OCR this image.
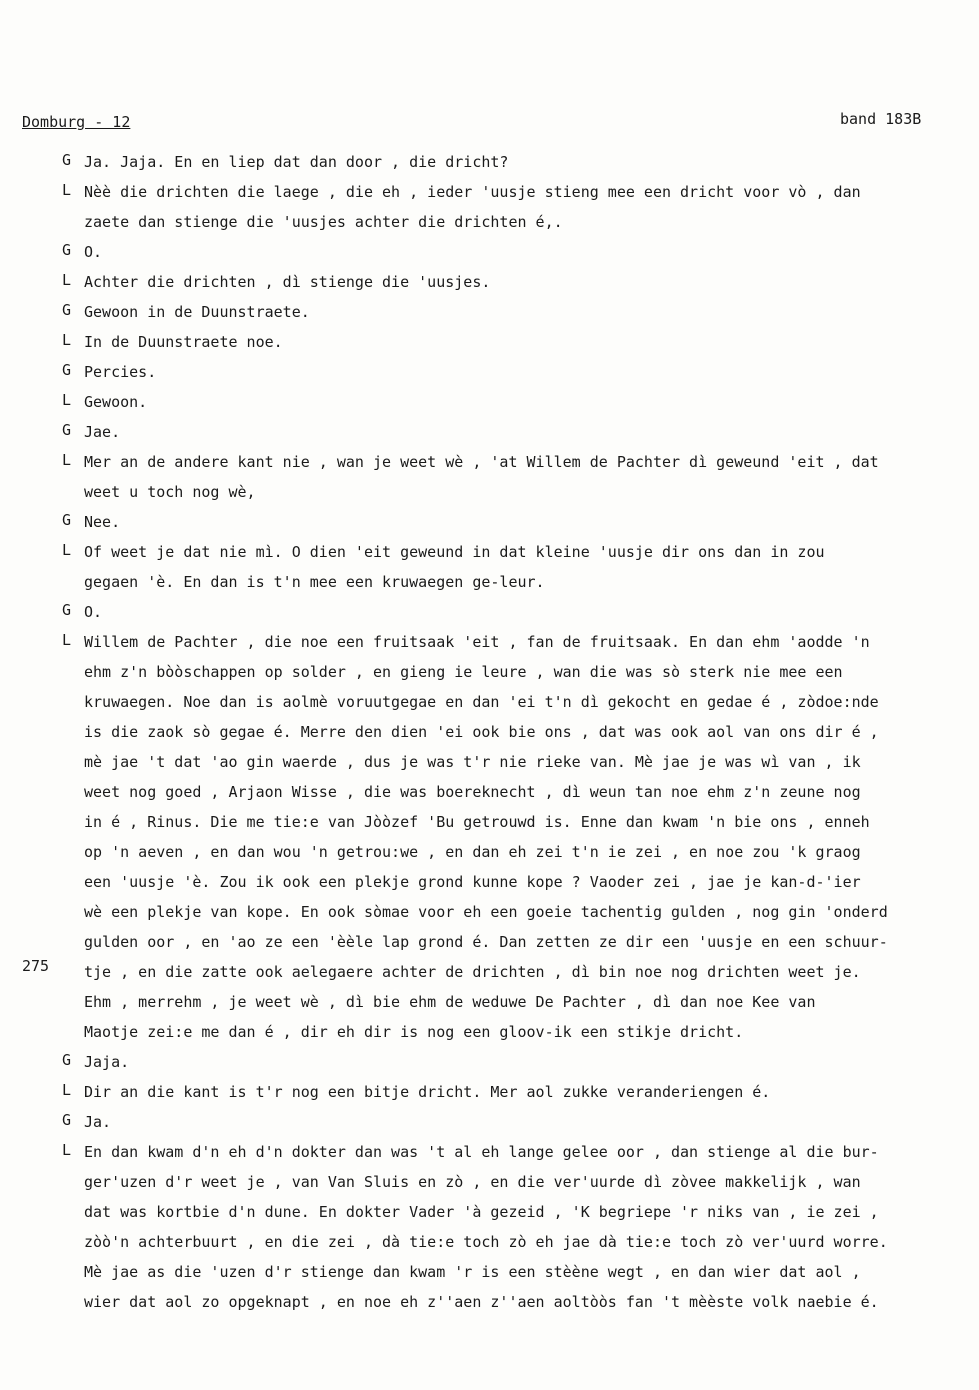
Domburg - 12	band 183B
275
G Ja. Jaja. En en liep dat dan door , die dricht?
L Nèè die drichten die laege , die eh , ieder 'uusje stieng mee een dricht voor vò , dan
zaete dan stienge die 'uusjes achter die drichten é,.
G O.
L Achter die drichten , dì stienge die 'uusjes.
G Gewoon in de Duunstraete.
L In de Duunstraete noe.
G Percies.
L Gewoon.
G Jae.
L Mer an de andere kant nie , wan je weet wè , 'at Willem de Pachter dì geweund 'eit , dat
weet u toch nog wè,
G Nee.
L Of weet je dat nie mì. O dien 'eit geweund in dat kleine 'uusje dir ons dan in zou
gegaen 'è. En dan is t'n mee een kruwaegen ge-leur.
G O.
L Willem de Pachter , die noe een fruitsaak 'eit , fan de fruitsaak. En dan ehm 'aodde 'n
ehm z'n bòòschappen op solder , en gieng ie leure , wan die was sò sterk nie mee een
kruwaegen. Noe dan is aolmè voruutgegae en dan 'ei t'n dì gekocht en gedae é , zòdoe:nde
is die zaok sò gegae é. Merre den dien 'ei ook bie ons , dat was ook aol van ons dir é ,
mè jae 't dat 'ao gin waerde , dus je was t'r nie rieke van. Mè jae je was wì van , ik
weet nog goed , Arjaon Wisse , die was boereknecht , dì weun tan noe ehm z'n zeune nog
in é , Rinus. Die me tie:e van Jòòzef 'Bu getrouwd is. Enne dan kwam 'n bie ons , enneh
op 'n aeven , en dan wou 'n getrou:we , en dan eh zei t'n ie zei , en noe zou 'k graog
een 'uusje 'è. Zou ik ook een plekje grond kunne kope ? Vaoder zei , jae je kan-d-'ier
wè een plekje van kope. En ook sòmae voor eh een goeie tachentig gulden , nog gin 'onderd
gulden oor , en 'ao ze een 'èèle lap grond é. Dan zetten ze dir een 'uusje en een schuur-
tje , en die zatte ook aelegaere achter de drichten , dì bin noe nog drichten weet je.
Ehm , merrehm , je weet wè , dì bie ehm de weduwe De Pachter , dì dan noe Kee van
Maotje zei:e me dan é , dir eh dir is nog een gloov-ik een stikje dricht.
G Jaja.
L Dir an die kant is t'r nog een bitje dricht. Mer aol zukke veranderiengen é.
G Ja.
L En dan kwam d'n eh d'n dokter dan was 't al eh lange gelee oor , dan stienge al die bur-
ger'uzen d'r weet je , van Van Sluis en zò , en die ver'uurde dì zòvee makkelijk , wan
dat was kortbie d'n dune. En dokter Vader 'à gezeid , 'K begriepe 'r niks van , ie zei ,
zòò'n achterbuurt , en die zei , dà tie:e toch zò eh jae dà tie:e toch zò ver'uurd worre.
Mè jae as die 'uzen d'r stienge dan kwam 'r is een stèène wegt , en dan wier dat aol ,
wier dat aol zo opgeknapt , en noe eh z''aen z''aen aoltòòs fan 't mèèste volk naebie é.
